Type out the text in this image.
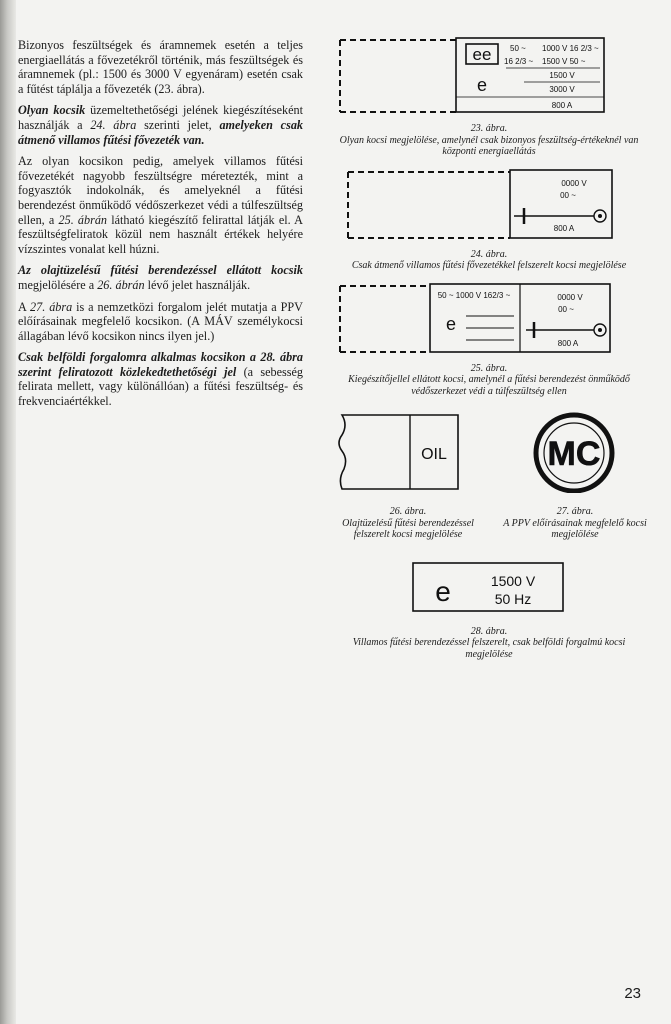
Bizonyos feszültségek és áramnemek esetén a teljes energiaellátás a fővezetékről történik, más feszültségek és áramnemek (pl.: 1500 és 3000 V egyenáram) esetén csak a fűtést táplálja a fővezeték (23. ábra).

Olyan kocsik üzemeltethetőségi jelének kiegészítéseként használják a 24. ábra szerinti jelet, amelyeken csak átmenő villamos fűtési fővezeték van.

Az olyan kocsikon pedig, amelyek villamos fűtési fővezetékét nagyobb feszültségre méretezték, mint a fogyasztók indokolnák, és amelyeknél a fűtési berendezést önműködő védőszerkezet védi a túlfeszültség ellen, a 25. ábrán látható kiegészítő felirattal látják el. A feszültségfeliratok közül nem használt értékek helyére vízszintes vonalat kell húzni.

Az olajtüzelésű fűtési berendezéssel ellátott kocsik megjelölésére a 26. ábrán lévő jelet használják.

A 27. ábra is a nemzetközi forgalom jelét mutatja a PPV előírásainak megfelelő kocsikon. (A MÁV személykocsi állagában lévő kocsikon nincs ilyen jel.)

Csak belföldi forgalomra alkalmas kocsikon a 28. ábra szerint feliratozott közlekedtethetőségi jel (a sebesség felirata mellett, vagy különállóan) a fűtési feszültség- és frekvenciaértékkel.

ee
e
50 ~ 1000 V 16 2/3 ~
16 2/3 ~ 1500 V 50 ~
1500 V
3000 V
800 A
23. ábra.
Olyan kocsi megjelölése, amelynél csak bizonyos feszültség-értékeknél van központi energiaellátás
0000 V
00 ~
800 A
24. ábra.
Csak átmenő villamos fűtési fővezetékkel felszerelt kocsi megjelölése
50 ~ 1000 V 162/3 ~
e
0000 V
00 ~
800 A
25. ábra.
Kiegészítőjellel ellátott kocsi, amelynél a fűtési berendezést önműködő védőszerkezet védi a túlfeszültség ellen
OIL
26. ábra.
Olajtüzelésű fűtési berendezéssel felszerelt kocsi megjelölése
MC
27. ábra.
A PPV előírásainak megfelelő kocsi megjelölése
e	1500 V
50 Hz
28. ábra.
Villamos fűtési berendezéssel felszerelt, csak belföldi forgalmú kocsi megjelölése
23
